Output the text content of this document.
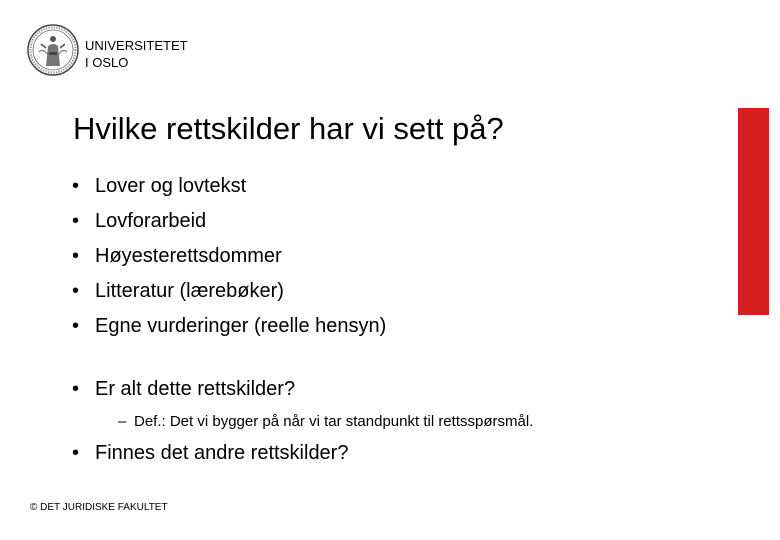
UNIVERSITETET
I OSLO
Hvilke rettskilder har vi sett på?
• Lover og lovtekst
• Lovforarbeid
• Høyesterettsdommer
• Litteratur (lærebøker)
• Egne vurderinger (reelle hensyn)
• Er alt dette rettskilder?
– Def.: Det vi bygger på når vi tar standpunkt til rettsspørsmål.
• Finnes det andre rettskilder?
© DET JURIDISKE FAKULTET
